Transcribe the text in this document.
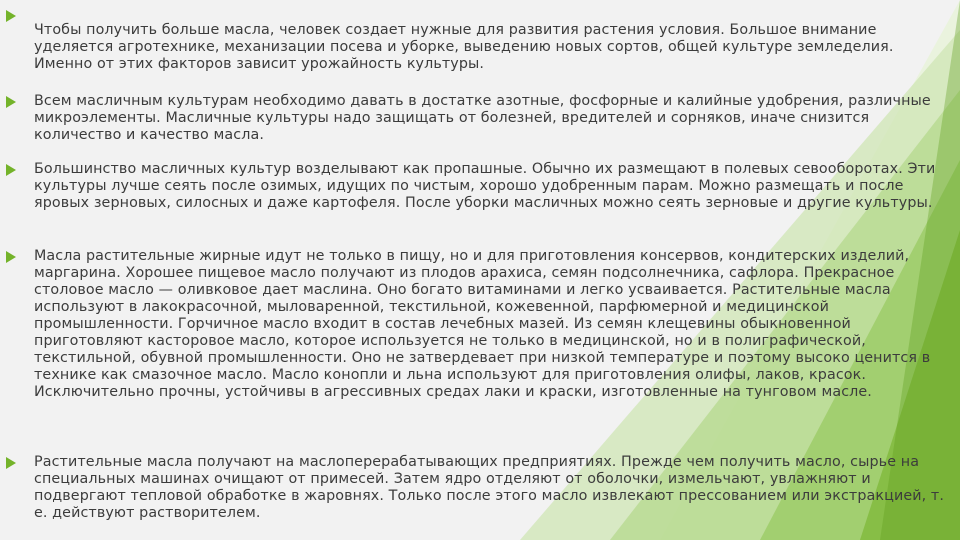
Чтобы получить больше масла, человек создает нужные для развития растения условия. Большое внимание уделяется агротехнике, механизации посева и уборке, выведению новых сортов, общей культуре земледелия. Именно от этих факторов зависит урожайность культуры.
Всем масличным культурам необходимо давать в достатке азотные, фосфорные и калийные удобрения, различные микроэлементы. Масличные культуры надо защищать от болезней, вредителей и сорняков, иначе снизится количество и качество масла.
Большинство масличных культур возделывают как пропашные. Обычно их размещают в полевых севооборотах. Эти культуры лучше сеять после озимых, идущих по чистым, хорошо удобренным парам. Можно размещать и после яровых зерновых, силосных и даже картофеля. После уборки масличных можно сеять зерновые и другие культуры.
Масла растительные жирные идут не только в пищу, но и для приготовления консервов, кондитерских изделий, маргарина. Хорошее пищевое масло получают из плодов арахиса, семян подсолнечника, сафлора. Прекрасное столовое масло — оливковое дает маслина. Оно богато витаминами и легко усваивается. Растительные масла используют в лакокрасочной, мыловаренной, текстильной, кожевенной, парфюмерной и медицинской промышленности. Горчичное масло входит в состав лечебных мазей. Из семян клещевины обыкновенной приготовляют касторовое масло, которое используется не только в медицинской, но и в полиграфической, текстильной, обувной промышленности. Оно не затвердевает при низкой температуре и поэтому высоко ценится в технике как смазочное масло. Масло конопли и льна используют для приготовления олифы, лаков, красок. Исключительно прочны, устойчивы в агрессивных средах лаки и краски, изготовленные на тунговом масле.
Растительные масла получают на маслоперерабатывающих предприятиях. Прежде чем получить масло, сырье на специальных машинах очищают от примесей. Затем ядро отделяют от оболочки, измельчают, увлажняют и подвергают тепловой обработке в жаровнях. Только после этого масло извлекают прессованием или экстракцией, т. е. действуют растворителем.
